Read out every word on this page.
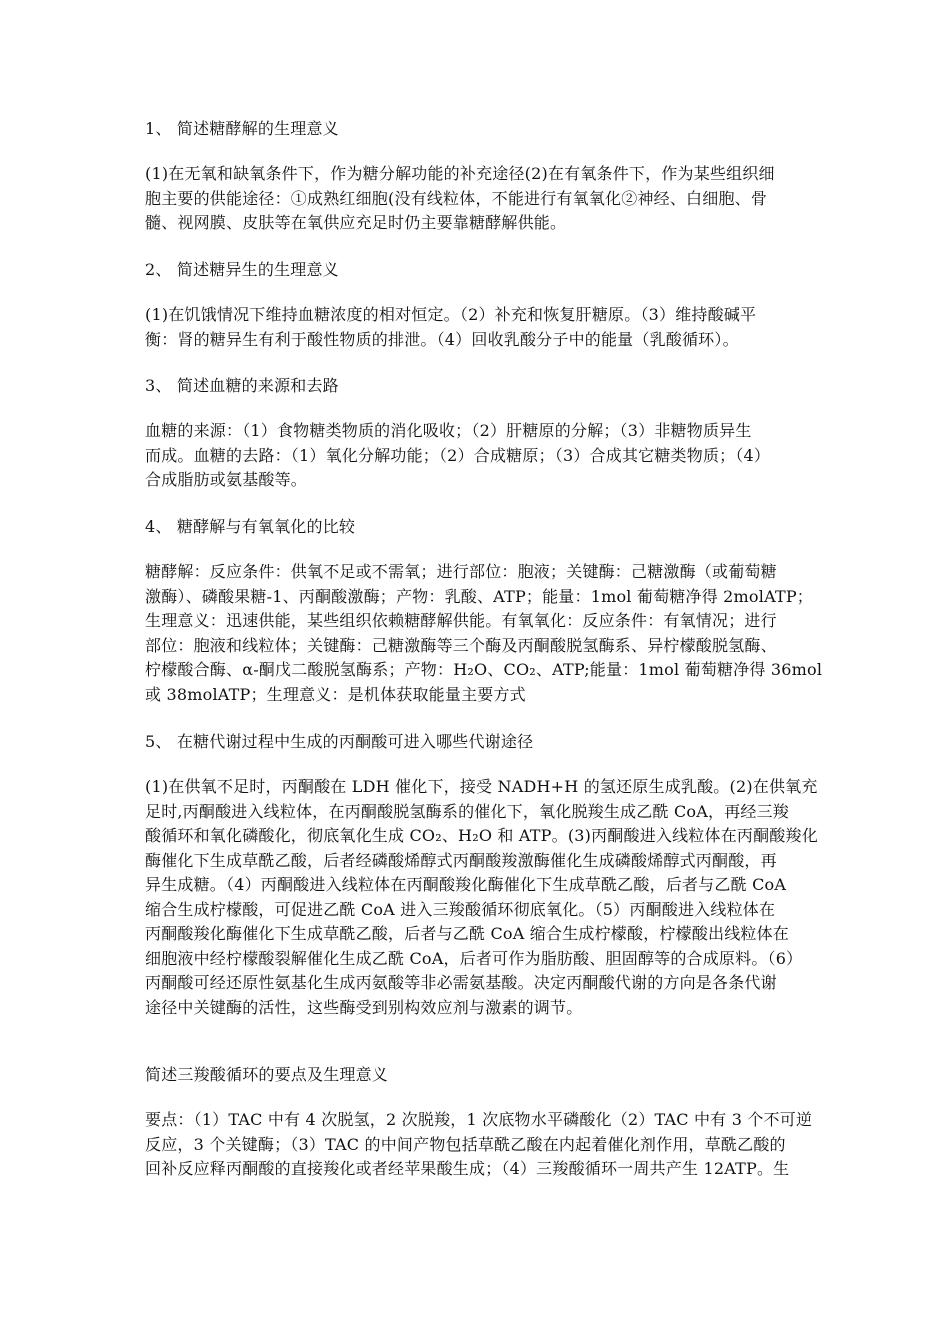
1、 简述糖酵解的生理意义
(1)在无氧和缺氧条件下，作为糖分解功能的补充途径(2)在有氧条件下，作为某些组织细
胞主要的供能途径：①成熟红细胞(没有线粒体，不能进行有氧氧化②神经、白细胞、骨
髓、视网膜、皮肤等在氧供应充足时仍主要靠糖酵解供能。
2、 简述糖异生的生理意义
(1)在饥饿情况下维持血糖浓度的相对恒定。（2）补充和恢复肝糖原。（3）维持酸碱平
衡：肾的糖异生有利于酸性物质的排泄。（4）回收乳酸分子中的能量（乳酸循环）。
3、 简述血糖的来源和去路
血糖的来源：（1）食物糖类物质的消化吸收；（2）肝糖原的分解；（3）非糖物质异生
而成。血糖的去路：（1）氧化分解功能；（2）合成糖原；（3）合成其它糖类物质；（4）
合成脂肪或氨基酸等。
4、 糖酵解与有氧氧化的比较
糖酵解：反应条件：供氧不足或不需氧；进行部位：胞液；关键酶：己糖激酶（或葡萄糖
激酶）、磷酸果糖-1、丙酮酸激酶；产物：乳酸、ATP；能量：1mol 葡萄糖净得 2molATP；
生理意义：迅速供能，某些组织依赖糖酵解供能。有氧氧化：反应条件：有氧情况；进行
部位：胞液和线粒体；关键酶：己糖激酶等三个酶及丙酮酸脱氢酶系、异柠檬酸脱氢酶、
柠檬酸合酶、α-酮戊二酸脱氢酶系；产物：H₂O、CO₂、ATP;能量：1mol 葡萄糖净得 36mol
或 38molATP；生理意义：是机体获取能量主要方式
5、 在糖代谢过程中生成的丙酮酸可进入哪些代谢途径
(1)在供氧不足时，丙酮酸在 LDH 催化下，接受 NADH+H 的氢还原生成乳酸。(2)在供氧充
足时,丙酮酸进入线粒体，在丙酮酸脱氢酶系的催化下，氧化脱羧生成乙酰 CoA，再经三羧
酸循环和氧化磷酸化，彻底氧化生成 CO₂、H₂O 和 ATP。(3)丙酮酸进入线粒体在丙酮酸羧化
酶催化下生成草酰乙酸，后者经磷酸烯醇式丙酮酸羧激酶催化生成磷酸烯醇式丙酮酸，再
异生成糖。（4）丙酮酸进入线粒体在丙酮酸羧化酶催化下生成草酰乙酸，后者与乙酰 CoA
缩合生成柠檬酸，可促进乙酰 CoA 进入三羧酸循环彻底氧化。（5）丙酮酸进入线粒体在
丙酮酸羧化酶催化下生成草酰乙酸，后者与乙酰 CoA 缩合生成柠檬酸，柠檬酸出线粒体在
细胞液中经柠檬酸裂解催化生成乙酰 CoA，后者可作为脂肪酸、胆固醇等的合成原料。（6）
丙酮酸可经还原性氨基化生成丙氨酸等非必需氨基酸。决定丙酮酸代谢的方向是各条代谢
途径中关键酶的活性，这些酶受到别构效应剂与激素的调节。
简述三羧酸循环的要点及生理意义
要点：（1）TAC 中有 4 次脱氢，2 次脱羧，1 次底物水平磷酸化（2）TAC 中有 3 个不可逆
反应，3 个关键酶；（3）TAC 的中间产物包括草酰乙酸在内起着催化剂作用，草酰乙酸的
回补反应释丙酮酸的直接羧化或者经苹果酸生成；（4）三羧酸循环一周共产生 12ATP。生
